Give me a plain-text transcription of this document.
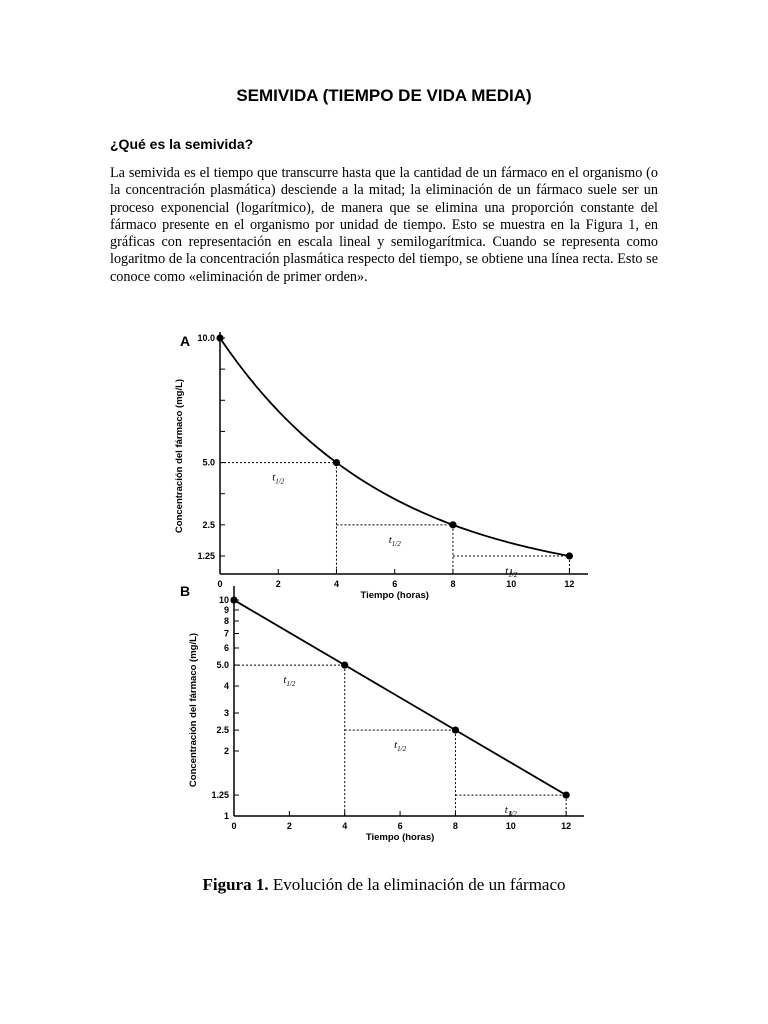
SEMIVIDA (TIEMPO DE VIDA MEDIA)
¿Qué es la semivida?

La semivida es el tiempo que transcurre hasta que la cantidad de un fármaco en el organismo (o la concentración plasmática) desciende a la mitad; la eliminación de un fármaco suele ser un proceso exponencial (logarítmico), de manera que se elimina una proporción constante del fármaco presente en el organismo por unidad de tiempo. Esto se muestra en la Figura 1, en gráficas con representación en escala lineal y semilogarítmica. Cuando se representa como logaritmo de la concentración plasmática respecto del tiempo, se obtiene una línea recta. Esto se conoce como «eliminación de primer orden».

A
0	2	4	6	8	10	12
Tiempo (horas)
10.0
5.0
2.5
1.25
Concentración del fármaco (mg/L)	$t_{1/2}$
$t_{1/2}$
$t_{1/2}$
B
0	2	4	6	8	10	12
Tiempo (horas)
10
9
8
7
6
5.0
4
3
2.5
2
1.25
1
Concentración del fármaco (mg/L)	$t_{1/2}$
$t_{1/2}$
$t_{1/2}$
Figura 1. Evolución de la eliminación de un fármaco
